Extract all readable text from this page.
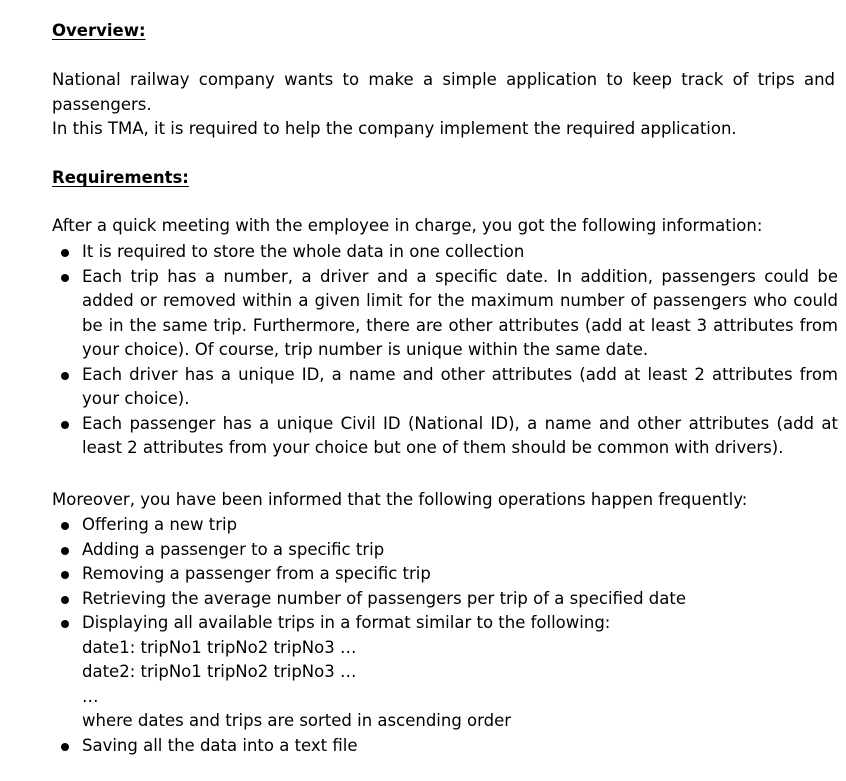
Overview:

National railway company wants to make a simple application to keep track of trips and passengers.

In this TMA, it is required to help the company implement the required application.

Requirements:

After a quick meeting with the employee in charge, you got the following information:

It is required to store the whole data in one collection
Each trip has a number, a driver and a specific date. In addition, passengers could be added or removed within a given limit for the maximum number of passengers who could be in the same trip. Furthermore, there are other attributes (add at least 3 attributes from your choice). Of course, trip number is unique within the same date.
Each driver has a unique ID, a name and other attributes (add at least 2 attributes from your choice).
Each passenger has a unique Civil ID (National ID), a name and other attributes (add at least 2 attributes from your choice but one of them should be common with drivers).

Moreover, you have been informed that the following operations happen frequently:

Offering a new trip
Adding a passenger to a specific trip
Removing a passenger from a specific trip
Retrieving the average number of passengers per trip of a specified date
Displaying all available trips in a format similar to the following:
date1: tripNo1 tripNo2 tripNo3 …
date2: tripNo1 tripNo2 tripNo3 …
…
where dates and trips are sorted in ascending order
Saving all the data into a text file
